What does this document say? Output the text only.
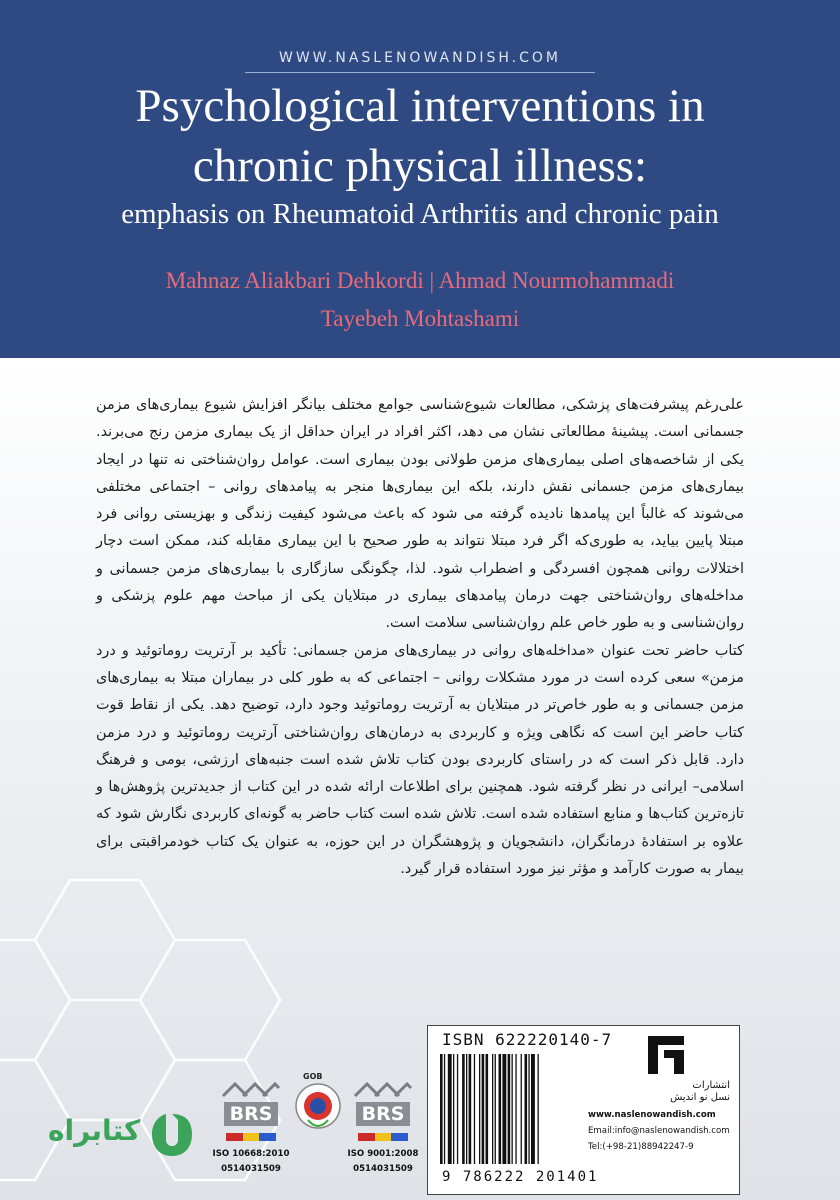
WWW.NASLENOWANDISH.COM
Psychological interventions in
chronic physical illness:
emphasis on Rheumatoid Arthritis and chronic pain
Mahnaz Aliakbari Dehkordi | Ahmad Nourmohammadi
Tayebeh Mohtashami

علی‌رغم پیشرفت‌های پزشکی، مطالعات شیوع‌شناسی جوامع مختلف بیانگر افزایش شیوع بیماری‌های مزمن جسمانی است. پیشینهٔ مطالعاتی نشان می دهد، اکثر افراد در ایران حداقل از یک بیماری مزمن رنج می‌برند. یکی از شاخصه‌های اصلی بیماری‌های مزمن طولانی بودن بیماری است. عوامل روان‌شناختی نه تنها در ایجاد بیماری‌های مزمن جسمانی نقش دارند، بلکه این بیماری‌ها منجر به پیامدهای روانی – اجتماعی مختلفی می‌شوند که غالباً این پیامدها نادیده گرفته می شود که باعث می‌شود کیفیت زندگی و بهزیستی روانی فرد مبتلا پایین بیاید، به طوری‌که اگر فرد مبتلا نتواند به طور صحیح با این بیماری مقابله کند، ممکن است دچار اختلالات روانی همچون افسردگی و اضطراب شود. لذا، چگونگی سازگاری با بیماری‌های مزمن جسمانی و مداخله‌های روان‌شناختی جهت درمان پیامدهای بیماری در مبتلایان یکی از مباحث مهم علوم پزشکی و روان‌شناسی و به طور خاص علم روان‌شناسی سلامت است.

کتاب حاضر تحت عنوان «مداخله‌های روانی در بیماری‌های مزمن جسمانی: تأکید بر آرتریت روماتوئید و درد مزمن» سعی کرده است در مورد مشکلات روانی – اجتماعی که به طور کلی در بیماران مبتلا به بیماری‌های مزمن جسمانی و به طور خاص‌تر در مبتلایان به آرتریت روماتوئید وجود دارد، توضیح دهد. یکی از نقاط قوت کتاب حاضر این است که نگاهی ویژه و کاربردی به درمان‌های روان‌شناختی آرتریت روماتوئید و درد مزمن دارد. قابل ذکر است که در راستای کاربردی بودن کتاب تلاش شده است جنبه‌های ارزشی، بومی و فرهنگ اسلامی– ایرانی در نظر گرفته شود. همچنین برای اطلاعات ارائه شده در این کتاب از جدیدترین پژوهش‌ها و تازه‌ترین کتاب‌ها و منابع استفاده شده است. تلاش شده است کتاب حاضر به گونه‌ای کاربردی نگارش شود که علاوه بر استفادهٔ درمانگران، دانشجویان و پژوهشگران در این حوزه، به عنوان یک کتاب خودمراقبتی برای بیمار به صورت کارآمد و مؤثر نیز مورد استفاده قرار گیرد.

کتابراه	BRS
ISO 10668:2010
0514031509
GOB
BRS
ISO 9001:2008
0514031509
ISBN 622220140-7
9 786222 201401
انتشارات
نسل نو اندیش
www.naslenowandish.com
Email:info@naslenowandish.com
Tel:(+98-21)88942247-9
